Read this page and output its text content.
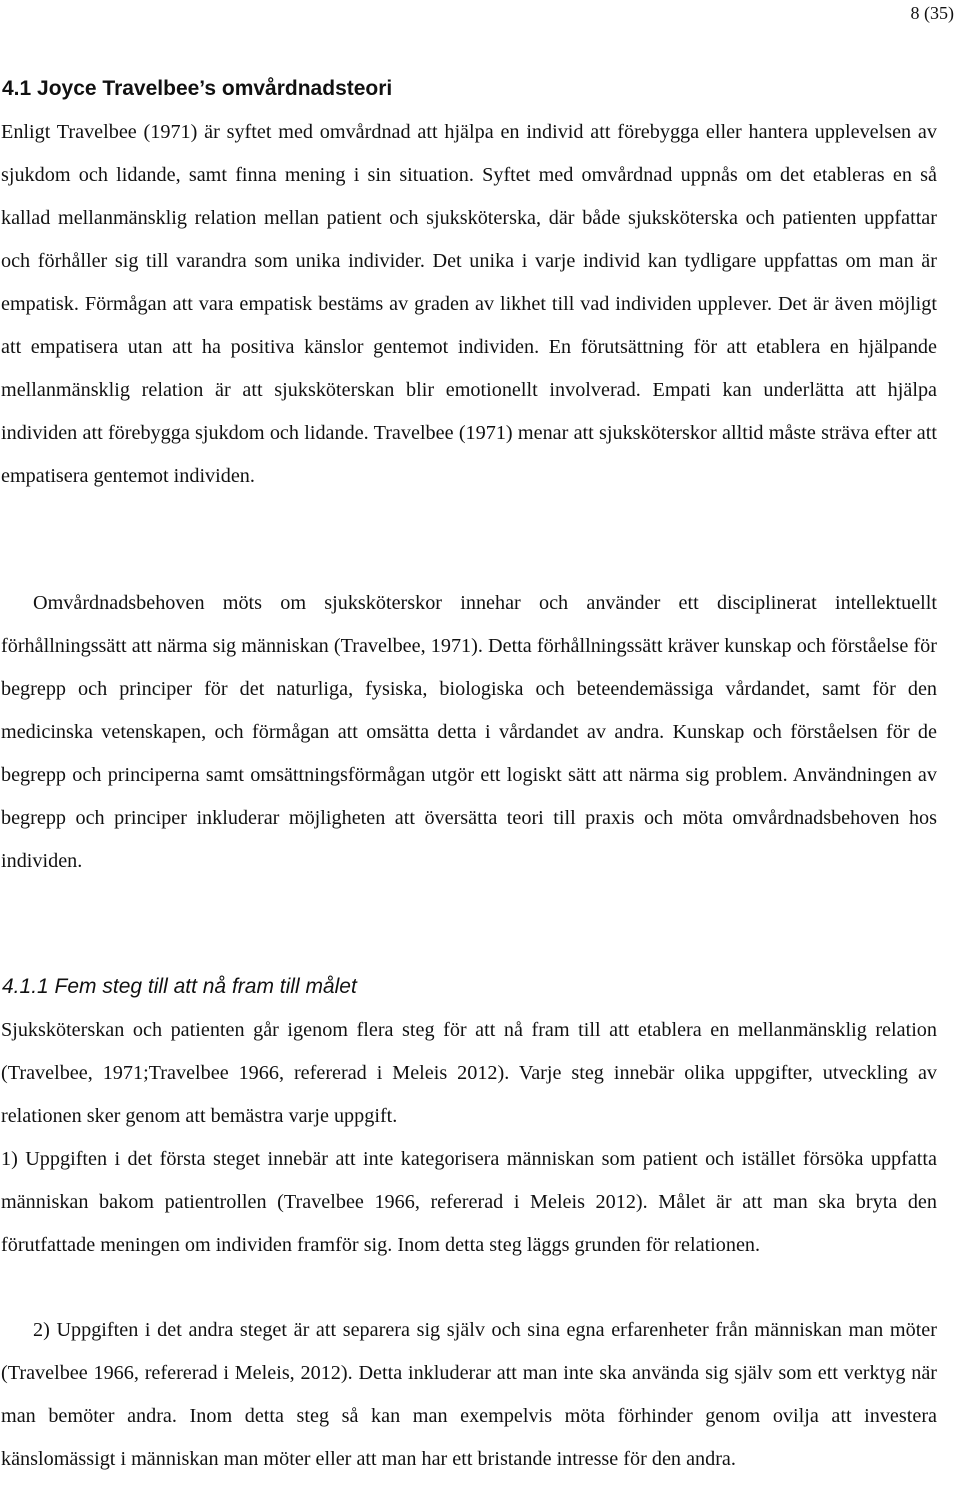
8 (35)
4.1 Joyce Travelbee’s omvårdnadsteori

Enligt Travelbee (1971) är syftet med omvårdnad att hjälpa en individ att förebygga eller hantera upplevelsen av sjukdom och lidande, samt finna mening i sin situation. Syftet med omvårdnad uppnås om det etableras en så kallad mellanmänsklig relation mellan patient och sjuksköterska, där både sjuksköterska och patienten uppfattar och förhåller sig till varandra som unika individer. Det unika i varje individ kan tydligare uppfattas om man är empatisk. Förmågan att vara empatisk bestäms av graden av likhet till vad individen upplever. Det är även möjligt att empatisera utan att ha positiva känslor gentemot individen. En förutsättning för att etablera en hjälpande mellanmänsklig relation är att sjuksköterskan blir emotionellt involverad. Empati kan underlätta att hjälpa individen att förebygga sjukdom och lidande. Travelbee (1971) menar att sjuksköterskor alltid måste sträva efter att empatisera gentemot individen.

Omvårdnadsbehoven möts om sjuksköterskor innehar och använder ett disciplinerat intellektuellt förhållningssätt att närma sig människan (Travelbee, 1971). Detta förhållningssätt kräver kunskap och förståelse för begrepp och principer för det naturliga, fysiska, biologiska och beteendemässiga vårdandet, samt för den medicinska vetenskapen, och förmågan att omsätta detta i vårdandet av andra. Kunskap och förståelsen för de begrepp och principerna samt omsättningsförmågan utgör ett logiskt sätt att närma sig problem. Användningen av begrepp och principer inkluderar möjligheten att översätta teori till praxis och möta omvårdnadsbehoven hos individen.

4.1.1 Fem steg till att nå fram till målet

Sjuksköterskan och patienten går igenom flera steg för att nå fram till att etablera en mellanmänsklig relation (Travelbee, 1971;Travelbee 1966, refererad i Meleis 2012). Varje steg innebär olika uppgifter, utveckling av relationen sker genom att bemästra varje uppgift.

1) Uppgiften i det första steget innebär att inte kategorisera människan som patient och istället försöka uppfatta människan bakom patientrollen (Travelbee 1966, refererad i Meleis 2012). Målet är att man ska bryta den förutfattade meningen om individen framför sig. Inom detta steg läggs grunden för relationen.

2) Uppgiften i det andra steget är att separera sig själv och sina egna erfarenheter från människan man möter (Travelbee 1966, refererad i Meleis, 2012). Detta inkluderar att man inte ska använda sig själv som ett verktyg när man bemöter andra. Inom detta steg så kan man exempelvis möta förhinder genom ovilja att investera känslomässigt i människan man möter eller att man har ett bristande intresse för den andra.
